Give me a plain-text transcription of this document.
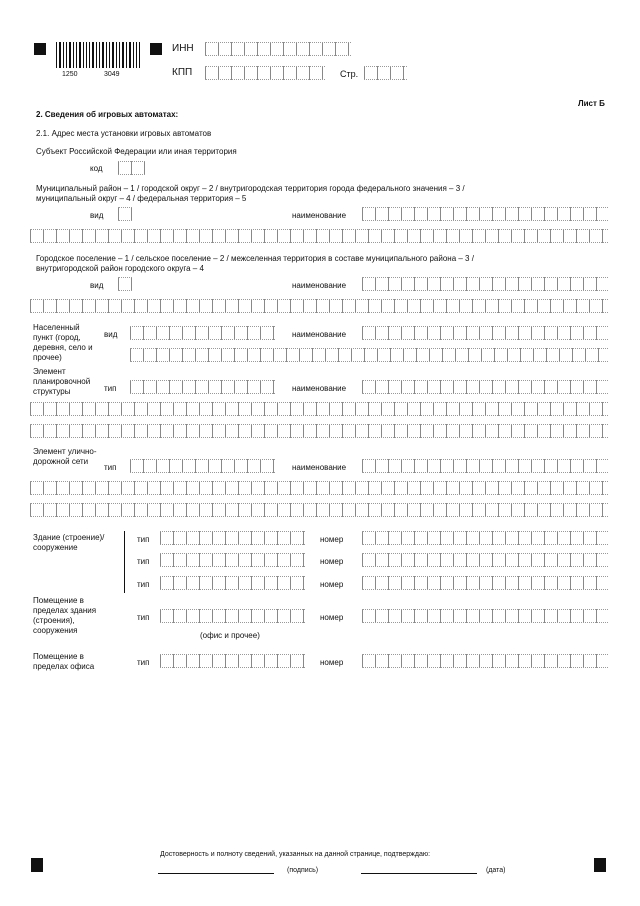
1250	3049
ИНН
КПП	Стр.
Лист Б
2. Сведения об игровых автоматах:
2.1. Адрес места установки игровых автоматов
Субъект Российской Федерации или иная территория
код
Муниципальный район – 1 / городской округ – 2 / внутригородская территория города федерального значения – 3 /
муниципальный округ – 4 / федеральная территория – 5
вид	наименование
Городское поселение – 1 / сельское поселение – 2 / межселенная территория в составе муниципального района – 3 /
внутригородской район городского округа – 4
вид	наименование
Населенный пункт (город, деревня, село и прочее)
вид	наименование
Элемент планировочной структуры	тип	наименование
Элемент улично-дорожной сети
тип	наименование
Здание (строение)/ сооружение
тип	номер
тип	номер
тип	номер
Помещение в пределах здания (строения), сооружения
тип	номер
(офис и прочее)
Помещение в пределах офиса	тип	номер
Достоверность и полноту сведений, указанных на данной странице, подтверждаю:
(подпись)	(дата)
